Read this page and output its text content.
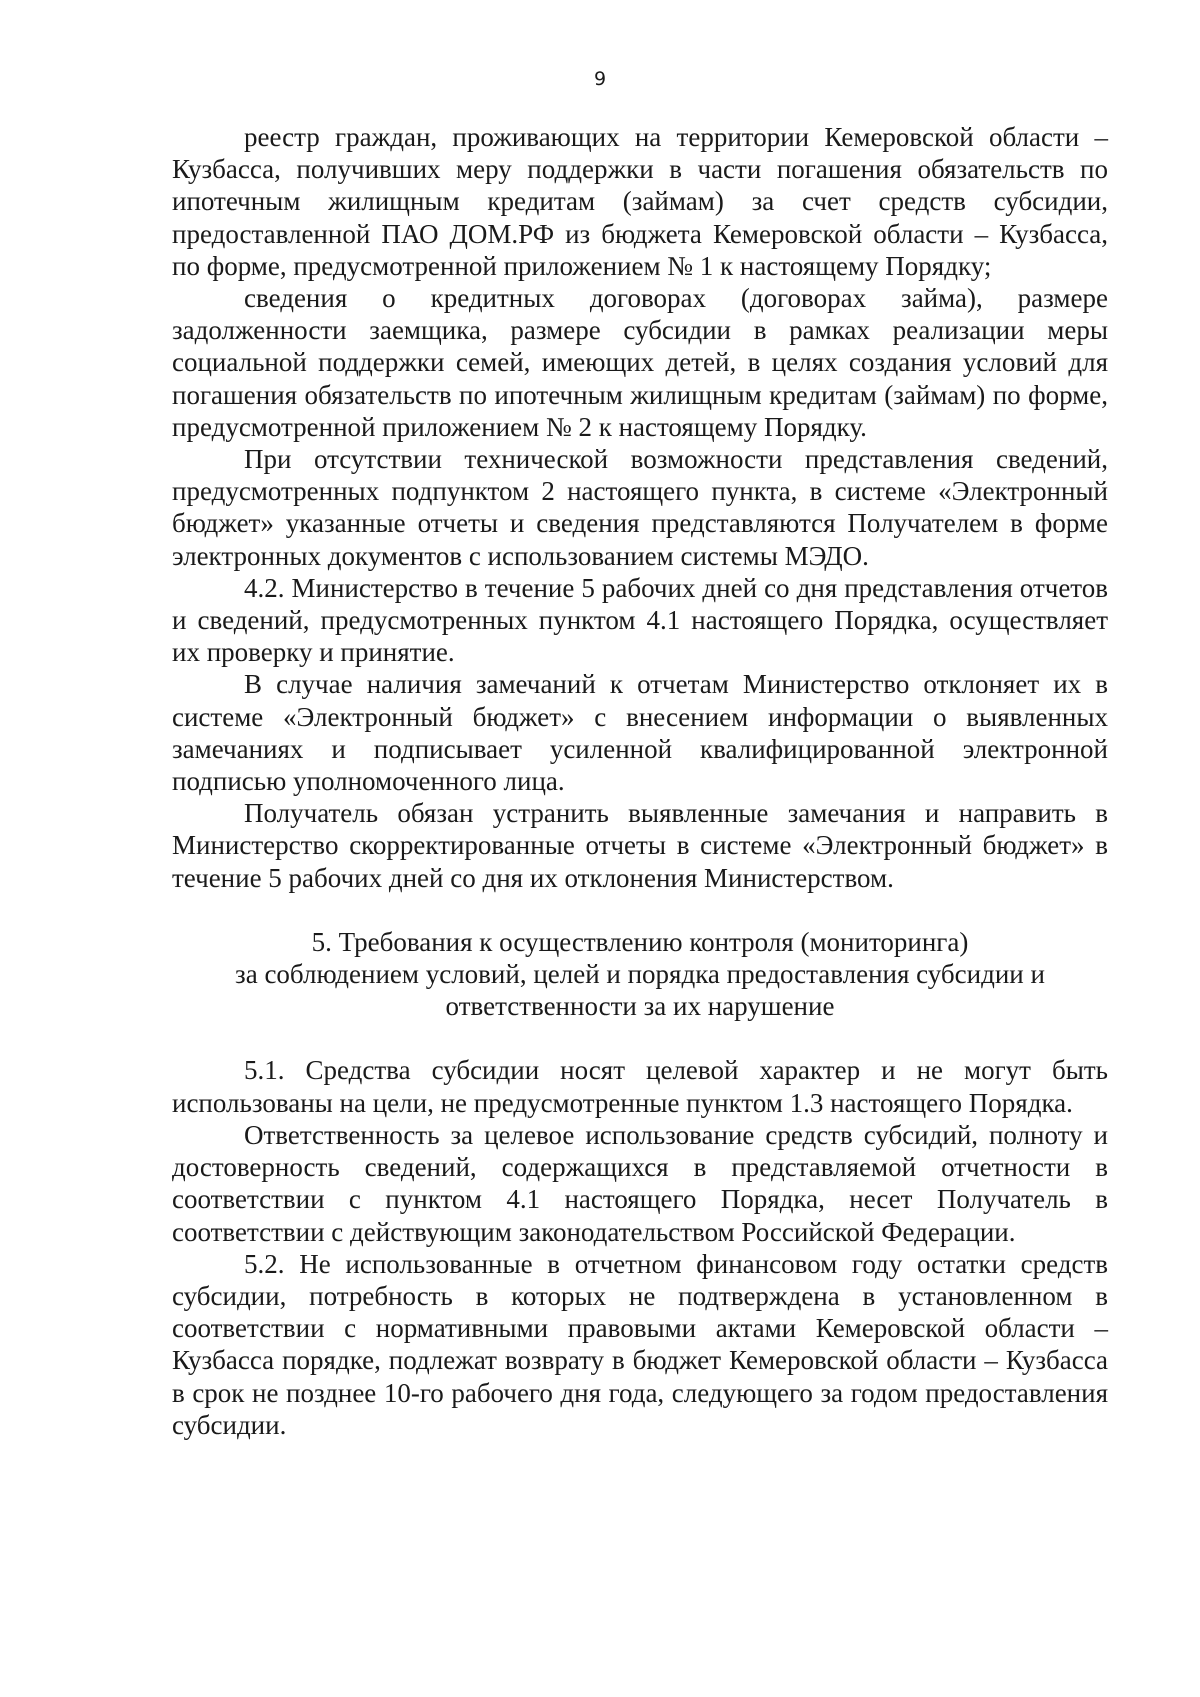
9

реестр граждан, проживающих на территории Кемеровской области – Кузбасса, получивших меру поддержки в части погашения обязательств по ипотечным жилищным кредитам (займам) за счет средств субсидии, предоставленной ПАО ДОМ.РФ из бюджета Кемеровской области – Кузбасса, по форме, предусмотренной приложением № 1 к настоящему Порядку;

сведения о кредитных договорах (договорах займа), размере задолженности заемщика, размере субсидии в рамках реализации меры социальной поддержки семей, имеющих детей, в целях создания условий для погашения обязательств по ипотечным жилищным кредитам (займам) по форме, предусмотренной приложением № 2 к настоящему Порядку.

При отсутствии технической возможности представления сведений, предусмотренных подпунктом 2 настоящего пункта, в системе «Электронный бюджет» указанные отчеты и сведения представляются Получателем в форме электронных документов с использованием системы МЭДО.

4.2. Министерство в течение 5 рабочих дней со дня представления отчетов и сведений, предусмотренных пунктом 4.1 настоящего Порядка, осуществляет их проверку и принятие.

В случае наличия замечаний к отчетам Министерство отклоняет их в системе «Электронный бюджет» с внесением информации о выявленных замечаниях и подписывает усиленной квалифицированной электронной подписью уполномоченного лица.

Получатель обязан устранить выявленные замечания и направить в Министерство скорректированные отчеты в системе «Электронный бюджет» в течение 5 рабочих дней со дня их отклонения Министерством.

5. Требования к осуществлению контроля (мониторинга)
за соблюдением условий, целей и порядка предоставления субсидии и
ответственности за их нарушение

5.1. Средства субсидии носят целевой характер и не могут быть использованы на цели, не предусмотренные пунктом 1.3 настоящего Порядка.

Ответственность за целевое использование средств субсидий, полноту и достоверность сведений, содержащихся в представляемой отчетности в соответствии с пунктом 4.1 настоящего Порядка, несет Получатель в соответствии с действующим законодательством Российской Федерации.

5.2. Не использованные в отчетном финансовом году остатки средств субсидии, потребность в которых не подтверждена в установленном в соответствии с нормативными правовыми актами Кемеровской области – Кузбасса порядке, подлежат возврату в бюджет Кемеровской области – Кузбасса в срок не позднее 10-го рабочего дня года, следующего за годом предоставления субсидии.
